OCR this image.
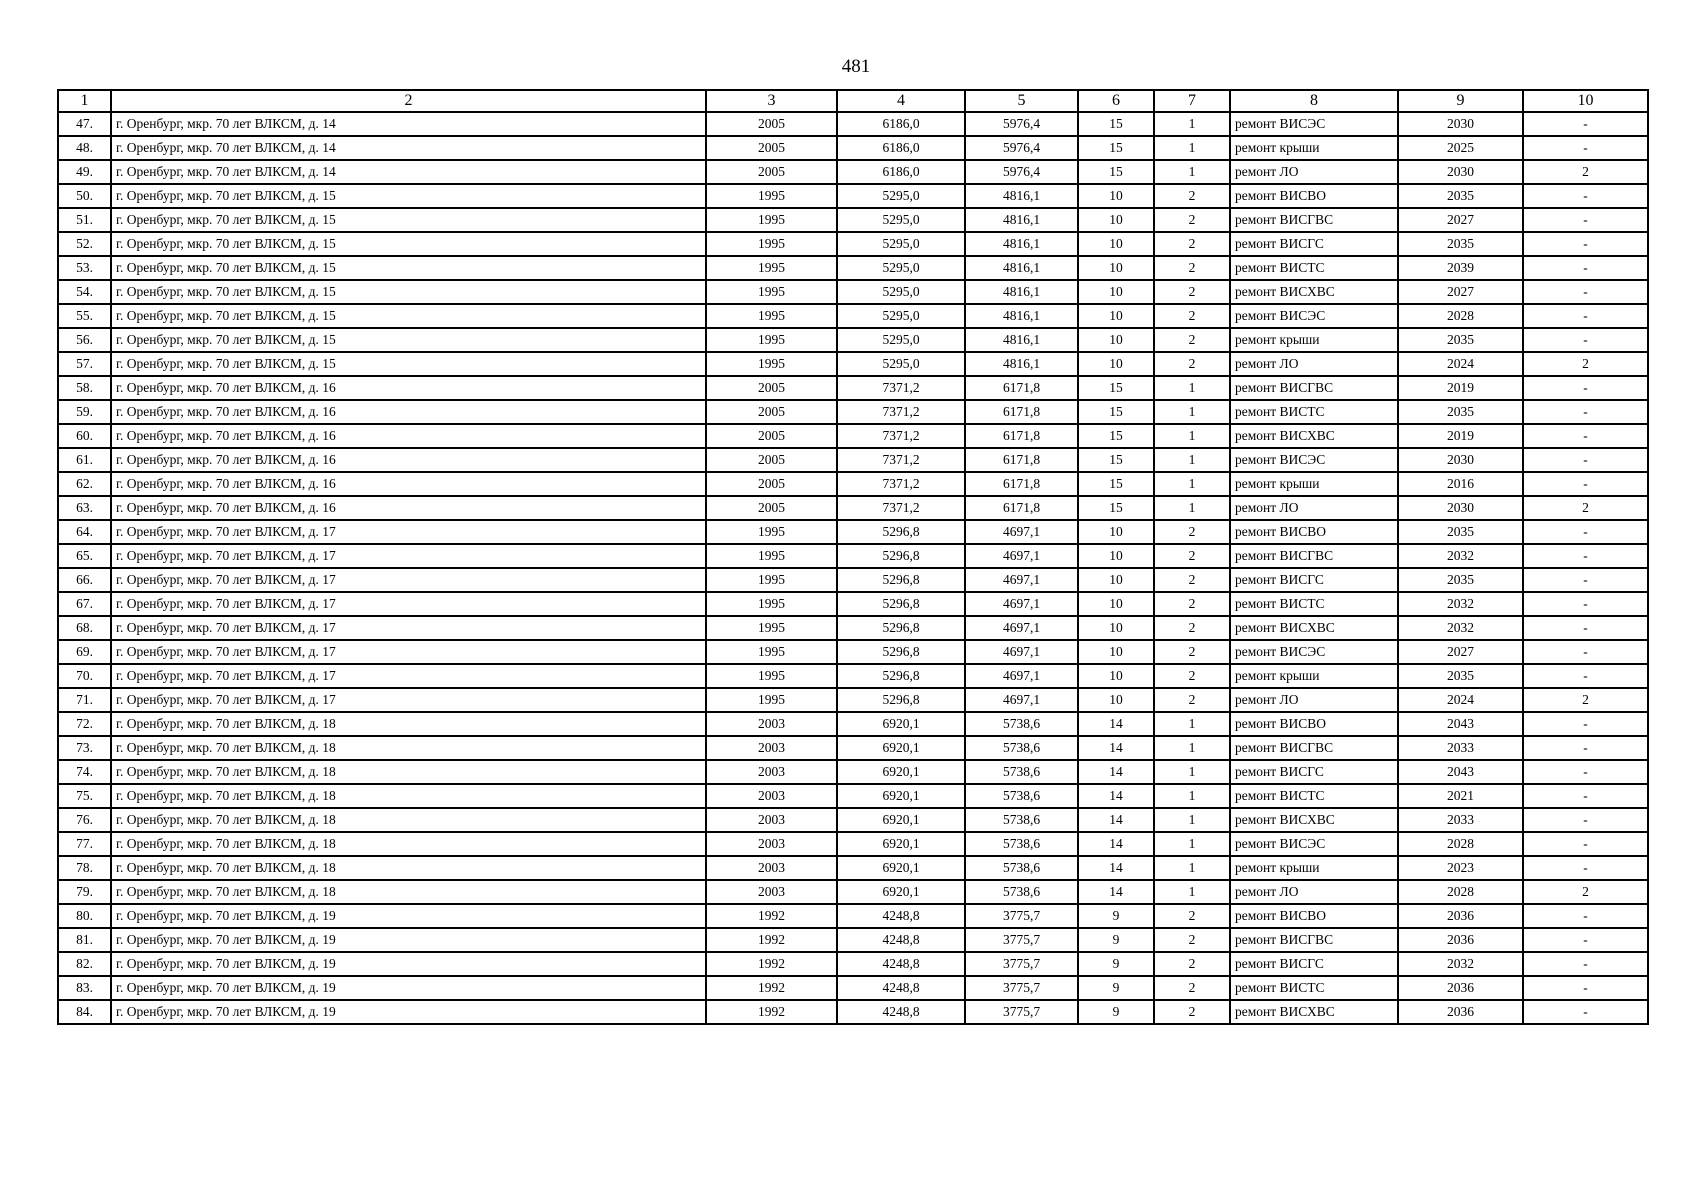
481
1	2	3	4	5	6	7	8	9	10
47.	г. Оренбург, мкр. 70 лет ВЛКСМ, д. 14	2005	6186,0	5976,4	15	1	ремонт ВИСЭС	2030	-
48.	г. Оренбург, мкр. 70 лет ВЛКСМ, д. 14	2005	6186,0	5976,4	15	1	ремонт крыши	2025	-
49.	г. Оренбург, мкр. 70 лет ВЛКСМ, д. 14	2005	6186,0	5976,4	15	1	ремонт ЛО	2030	2
50.	г. Оренбург, мкр. 70 лет ВЛКСМ, д. 15	1995	5295,0	4816,1	10	2	ремонт ВИСВО	2035	-
51.	г. Оренбург, мкр. 70 лет ВЛКСМ, д. 15	1995	5295,0	4816,1	10	2	ремонт ВИСГВС	2027	-
52.	г. Оренбург, мкр. 70 лет ВЛКСМ, д. 15	1995	5295,0	4816,1	10	2	ремонт ВИСГС	2035	-
53.	г. Оренбург, мкр. 70 лет ВЛКСМ, д. 15	1995	5295,0	4816,1	10	2	ремонт ВИСТС	2039	-
54.	г. Оренбург, мкр. 70 лет ВЛКСМ, д. 15	1995	5295,0	4816,1	10	2	ремонт ВИСХВС	2027	-
55.	г. Оренбург, мкр. 70 лет ВЛКСМ, д. 15	1995	5295,0	4816,1	10	2	ремонт ВИСЭС	2028	-
56.	г. Оренбург, мкр. 70 лет ВЛКСМ, д. 15	1995	5295,0	4816,1	10	2	ремонт крыши	2035	-
57.	г. Оренбург, мкр. 70 лет ВЛКСМ, д. 15	1995	5295,0	4816,1	10	2	ремонт ЛО	2024	2
58.	г. Оренбург, мкр. 70 лет ВЛКСМ, д. 16	2005	7371,2	6171,8	15	1	ремонт ВИСГВС	2019	-
59.	г. Оренбург, мкр. 70 лет ВЛКСМ, д. 16	2005	7371,2	6171,8	15	1	ремонт ВИСТС	2035	-
60.	г. Оренбург, мкр. 70 лет ВЛКСМ, д. 16	2005	7371,2	6171,8	15	1	ремонт ВИСХВС	2019	-
61.	г. Оренбург, мкр. 70 лет ВЛКСМ, д. 16	2005	7371,2	6171,8	15	1	ремонт ВИСЭС	2030	-
62.	г. Оренбург, мкр. 70 лет ВЛКСМ, д. 16	2005	7371,2	6171,8	15	1	ремонт крыши	2016	-
63.	г. Оренбург, мкр. 70 лет ВЛКСМ, д. 16	2005	7371,2	6171,8	15	1	ремонт ЛО	2030	2
64.	г. Оренбург, мкр. 70 лет ВЛКСМ, д. 17	1995	5296,8	4697,1	10	2	ремонт ВИСВО	2035	-
65.	г. Оренбург, мкр. 70 лет ВЛКСМ, д. 17	1995	5296,8	4697,1	10	2	ремонт ВИСГВС	2032	-
66.	г. Оренбург, мкр. 70 лет ВЛКСМ, д. 17	1995	5296,8	4697,1	10	2	ремонт ВИСГС	2035	-
67.	г. Оренбург, мкр. 70 лет ВЛКСМ, д. 17	1995	5296,8	4697,1	10	2	ремонт ВИСТС	2032	-
68.	г. Оренбург, мкр. 70 лет ВЛКСМ, д. 17	1995	5296,8	4697,1	10	2	ремонт ВИСХВС	2032	-
69.	г. Оренбург, мкр. 70 лет ВЛКСМ, д. 17	1995	5296,8	4697,1	10	2	ремонт ВИСЭС	2027	-
70.	г. Оренбург, мкр. 70 лет ВЛКСМ, д. 17	1995	5296,8	4697,1	10	2	ремонт крыши	2035	-
71.	г. Оренбург, мкр. 70 лет ВЛКСМ, д. 17	1995	5296,8	4697,1	10	2	ремонт ЛО	2024	2
72.	г. Оренбург, мкр. 70 лет ВЛКСМ, д. 18	2003	6920,1	5738,6	14	1	ремонт ВИСВО	2043	-
73.	г. Оренбург, мкр. 70 лет ВЛКСМ, д. 18	2003	6920,1	5738,6	14	1	ремонт ВИСГВС	2033	-
74.	г. Оренбург, мкр. 70 лет ВЛКСМ, д. 18	2003	6920,1	5738,6	14	1	ремонт ВИСГС	2043	-
75.	г. Оренбург, мкр. 70 лет ВЛКСМ, д. 18	2003	6920,1	5738,6	14	1	ремонт ВИСТС	2021	-
76.	г. Оренбург, мкр. 70 лет ВЛКСМ, д. 18	2003	6920,1	5738,6	14	1	ремонт ВИСХВС	2033	-
77.	г. Оренбург, мкр. 70 лет ВЛКСМ, д. 18	2003	6920,1	5738,6	14	1	ремонт ВИСЭС	2028	-
78.	г. Оренбург, мкр. 70 лет ВЛКСМ, д. 18	2003	6920,1	5738,6	14	1	ремонт крыши	2023	-
79.	г. Оренбург, мкр. 70 лет ВЛКСМ, д. 18	2003	6920,1	5738,6	14	1	ремонт ЛО	2028	2
80.	г. Оренбург, мкр. 70 лет ВЛКСМ, д. 19	1992	4248,8	3775,7	9	2	ремонт ВИСВО	2036	-
81.	г. Оренбург, мкр. 70 лет ВЛКСМ, д. 19	1992	4248,8	3775,7	9	2	ремонт ВИСГВС	2036	-
82.	г. Оренбург, мкр. 70 лет ВЛКСМ, д. 19	1992	4248,8	3775,7	9	2	ремонт ВИСГС	2032	-
83.	г. Оренбург, мкр. 70 лет ВЛКСМ, д. 19	1992	4248,8	3775,7	9	2	ремонт ВИСТС	2036	-
84.	г. Оренбург, мкр. 70 лет ВЛКСМ, д. 19	1992	4248,8	3775,7	9	2	ремонт ВИСХВС	2036	-
